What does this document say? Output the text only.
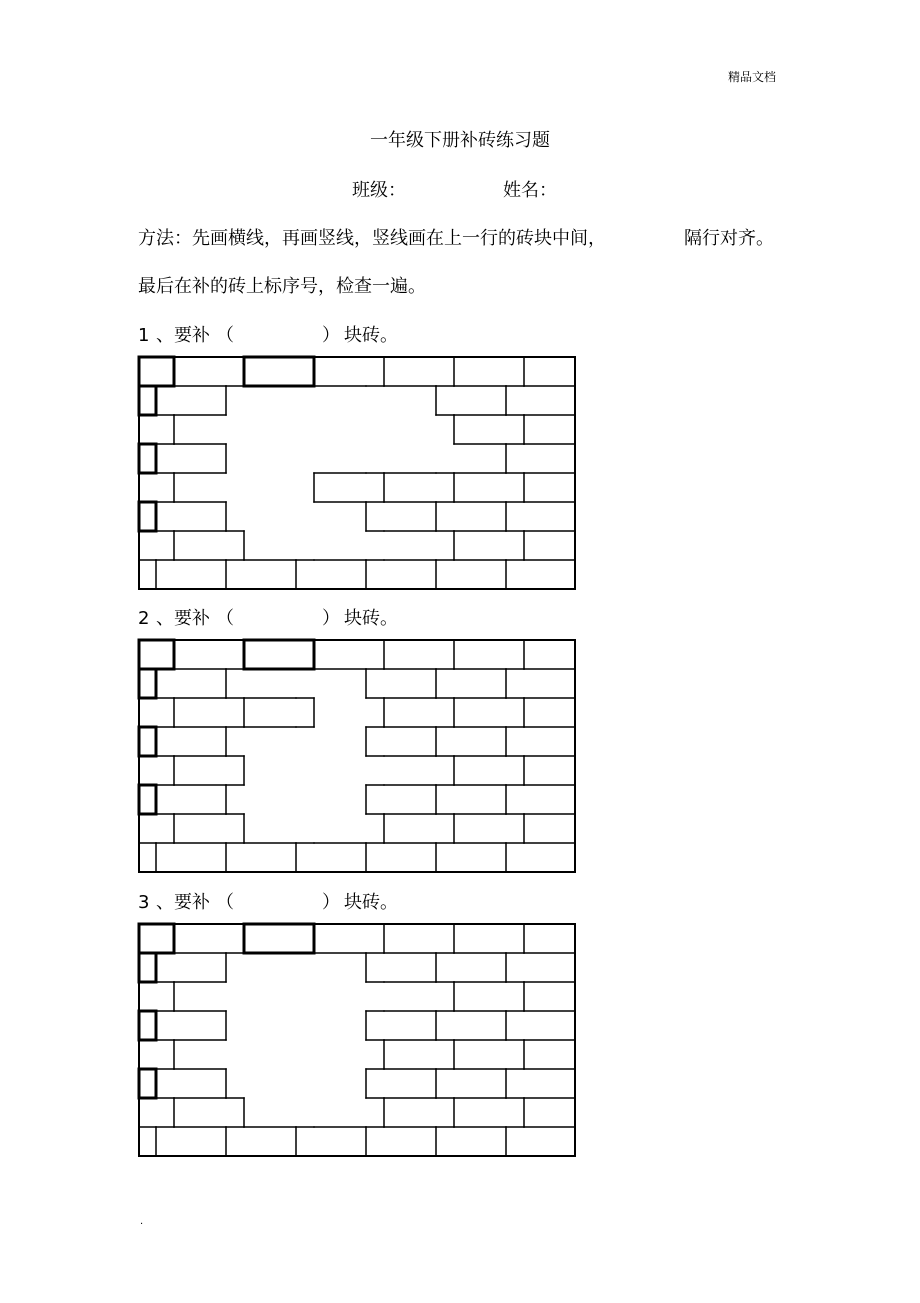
精品文档
一年级下册补砖练习题
班级：	姓名：
方法：先画横线，再画竖线，竖线画在上一行的砖块中间，	隔行对齐。
最后在补的砖上标序号，检查一遍。
1 、要补 （	） 块砖。
2 、要补 （	） 块砖。
3 、要补 （	） 块砖。
.
